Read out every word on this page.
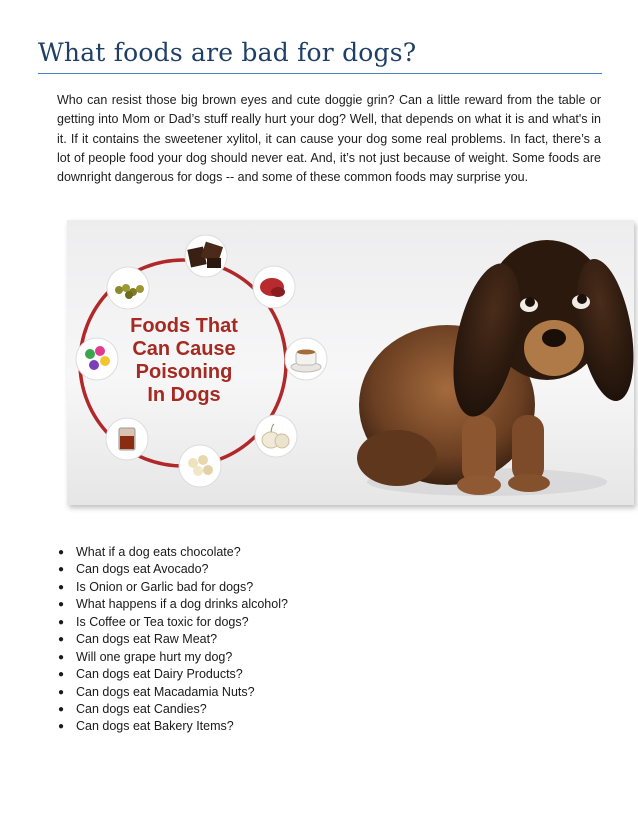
What foods are bad for dogs?

Who can resist those big brown eyes and cute doggie grin? Can a little reward from the table or getting into Mom or Dad’s stuff really hurt your dog? Well, that depends on what it is and what's in it. If it contains the sweetener xylitol, it can cause your dog some real problems. In fact, there’s a lot of people food your dog should never eat. And, it’s not just because of weight. Some foods are downright dangerous for dogs -- and some of these common foods may surprise you.

Foods That
Can Cause
Poisoning
In Dogs
● What if a dog eats chocolate?
● Can dogs eat Avocado?
● Is Onion or Garlic bad for dogs?
● What happens if a dog drinks alcohol?
● Is Coffee or Tea toxic for dogs?
● Can dogs eat Raw Meat?
● Will one grape hurt my dog?
● Can dogs eat Dairy Products?
● Can dogs eat Macadamia Nuts?
● Can dogs eat Candies?
● Can dogs eat Bakery Items?
